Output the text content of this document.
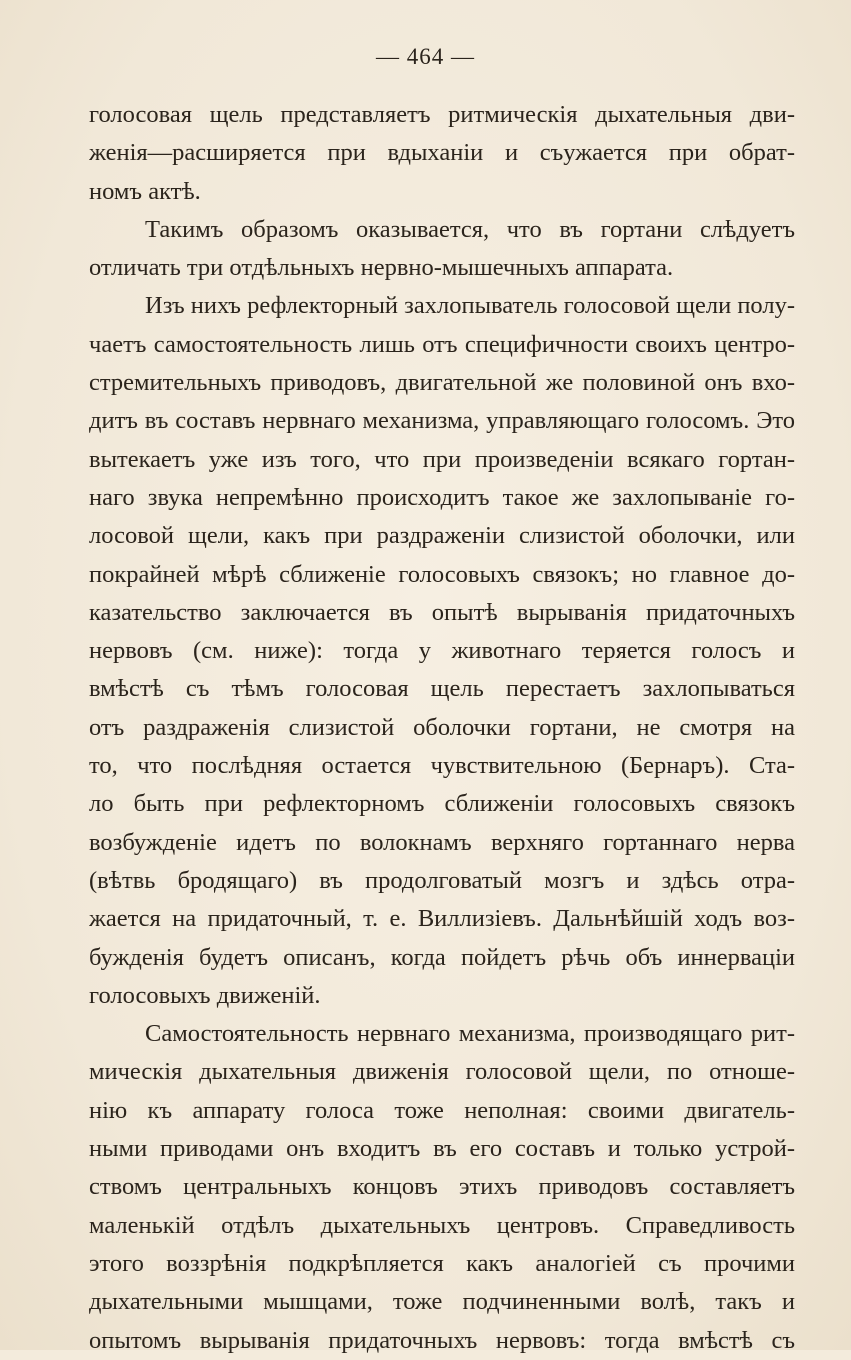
— 464 —
голосовая щель представляетъ ритмическія дыхательныя дви-
женія—расширяется при вдыханіи и съужается при обрат-
номъ актѣ.
Такимъ образомъ оказывается, что въ гортани слѣдуетъ
отличать три отдѣльныхъ нервно-мышечныхъ аппарата.
Изъ нихъ рефлекторный захлопыватель голосовой щели полу-
чаетъ самостоятельность лишь отъ специфичности своихъ центро-
стремительныхъ приводовъ, двигательной же половиной онъ вхо-
дитъ въ составъ нервнаго механизма, управляющаго голосомъ. Это
вытекаетъ уже изъ того, что при произведеніи всякаго гортан-
наго звука непремѣнно происходитъ такое же захлопываніе го-
лосовой щели, какъ при раздраженіи слизистой оболочки, или
покрайней мѣрѣ сближеніе голосовыхъ связокъ; но главное до-
казательство заключается въ опытѣ вырыванія придаточныхъ
нервовъ (см. ниже): тогда у животнаго теряется голосъ и
вмѣстѣ съ тѣмъ голосовая щель перестаетъ захлопываться
отъ раздраженія слизистой оболочки гортани, не смотря на
то, что послѣдняя остается чувствительною (Бернаръ). Ста-
ло быть при рефлекторномъ сближеніи голосовыхъ связокъ
возбужденіе идетъ по волокнамъ верхняго гортаннаго нерва
(вѣтвь бродящаго) въ продолговатый мозгъ и здѣсь отра-
жается на придаточный, т. е. Виллизіевъ. Дальнѣйшій ходъ воз-
бужденія будетъ описанъ, когда пойдетъ рѣчь объ иннерваціи
голосовыхъ движеній.
Самостоятельность нервнаго механизма, производящаго рит-
мическія дыхательныя движенія голосовой щели, по отноше-
нію къ аппарату голоса тоже неполная: своими двигатель-
ными приводами онъ входитъ въ его составъ и только устрой-
ствомъ центральныхъ концовъ этихъ приводовъ составляетъ
маленькій отдѣлъ дыхательныхъ центровъ. Справедливость
этого воззрѣнія подкрѣпляется какъ аналогіей съ прочими
дыхательными мышцами, тоже подчиненными волѣ, такъ и
опытомъ вырыванія придаточныхъ нервовъ: тогда вмѣстѣ съ
